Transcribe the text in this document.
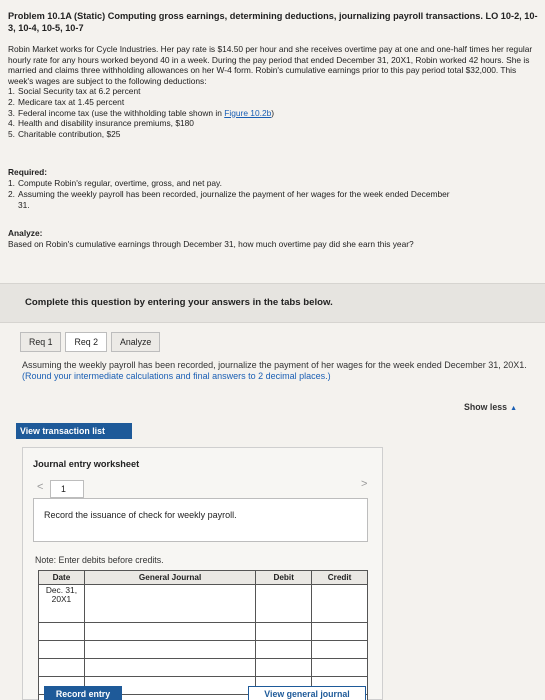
Problem 10.1A (Static) Computing gross earnings, determining deductions, journalizing payroll transactions. LO 10-2, 10-3, 10-4, 10-5, 10-7
Robin Market works for Cycle Industries. Her pay rate is $14.50 per hour and she receives overtime pay at one and one-half times her regular hourly rate for any hours worked beyond 40 in a week. During the pay period that ended December 31, 20X1, Robin worked 42 hours. She is married and claims three withholding allowances on her W-4 form. Robin's cumulative earnings prior to this pay period total $32,000. This week's wages are subject to the following deductions:
1. Social Security tax at 6.2 percent
2. Medicare tax at 1.45 percent
3. Federal income tax (use the withholding table shown in Figure 10.2b)
4. Health and disability insurance premiums, $180
5. Charitable contribution, $25
Required:
1. Compute Robin's regular, overtime, gross, and net pay.
2. Assuming the weekly payroll has been recorded, journalize the payment of her wages for the week ended December
31.
Analyze:
Based on Robin's cumulative earnings through December 31, how much overtime pay did she earn this year?
Complete this question by entering your answers in the tabs below.
Req 1	Req 2	Analyze
Assuming the weekly payroll has been recorded, journalize the payment of her wages for the week ended December 31, 20X1. (Round your intermediate calculations and final answers to 2 decimal places.)
Show less ▲
View transaction list
Journal entry worksheet
<	1	>
Record the issuance of check for weekly payroll.
Note: Enter debits before credits.
Date	General Journal	Debit	Credit

Dec. 31,
20X1			

Record entry	View general journal
